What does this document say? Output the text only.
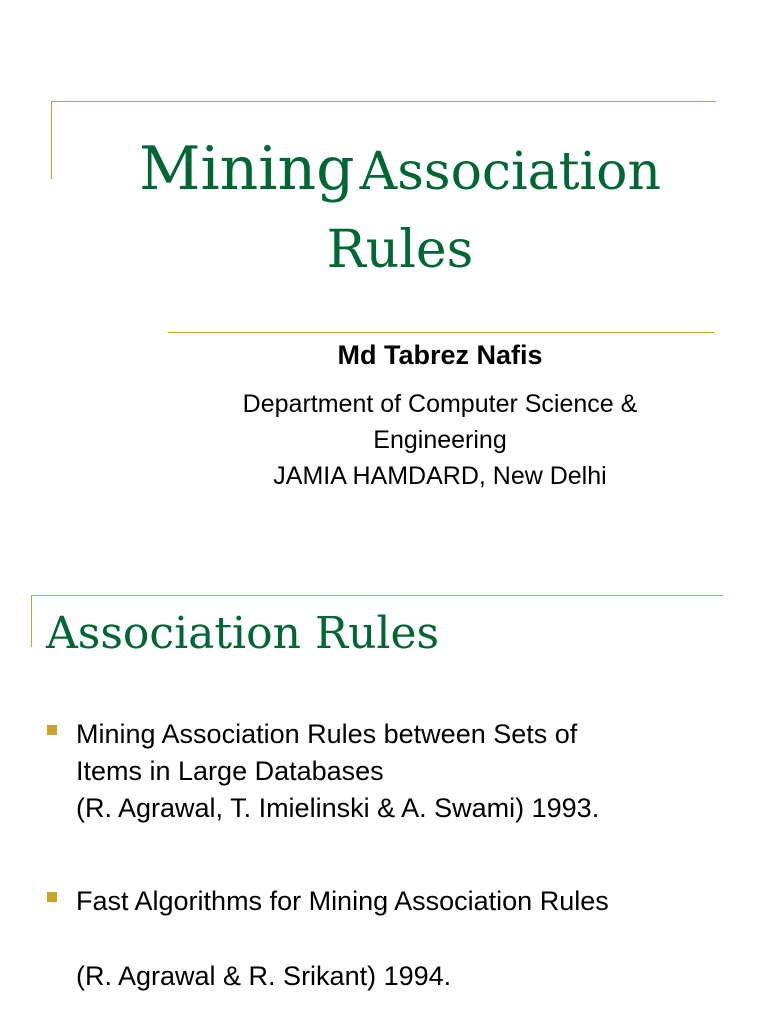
Mining Association
Rules
Md Tabrez Nafis
Department of Computer Science &
Engineering
JAMIA HAMDARD, New Delhi
Association Rules
Mining Association Rules between Sets of
Items in Large Databases
(R. Agrawal, T. Imielinski & A. Swami) 1993.
Fast Algorithms for Mining Association Rules
(R. Agrawal & R. Srikant) 1994.
